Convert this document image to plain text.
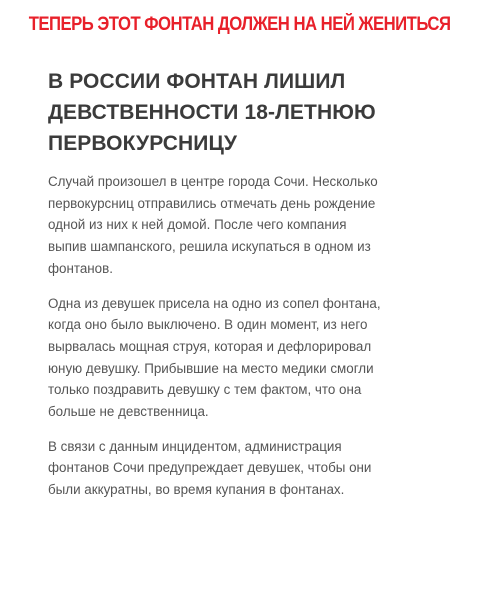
ТЕПЕРЬ ЭТОТ ФОНТАН ДОЛЖЕН НА НЕЙ ЖЕНИТЬСЯ
В РОССИИ ФОНТАН ЛИШИЛ
ДЕВСТВЕННОСТИ 18-ЛЕТНЮЮ
ПЕРВОКУРСНИЦУ

Случай произошел в центре города Сочи. Несколько
первокурсниц отправились отмечать день рождение
одной из них к ней домой. После чего компания
выпив шампанского, решила искупаться в одном из
фонтанов.

Одна из девушек присела на одно из сопел фонтана,
когда оно было выключено. В один момент, из него
вырвалась мощная струя, которая и дефлорировал
юную девушку. Прибывшие на место медики смогли
только поздравить девушку с тем фактом, что она
больше не девственница.

В связи с данным инцидентом, администрация
фонтанов Сочи предупреждает девушек, чтобы они
были аккуратны, во время купания в фонтанах.
